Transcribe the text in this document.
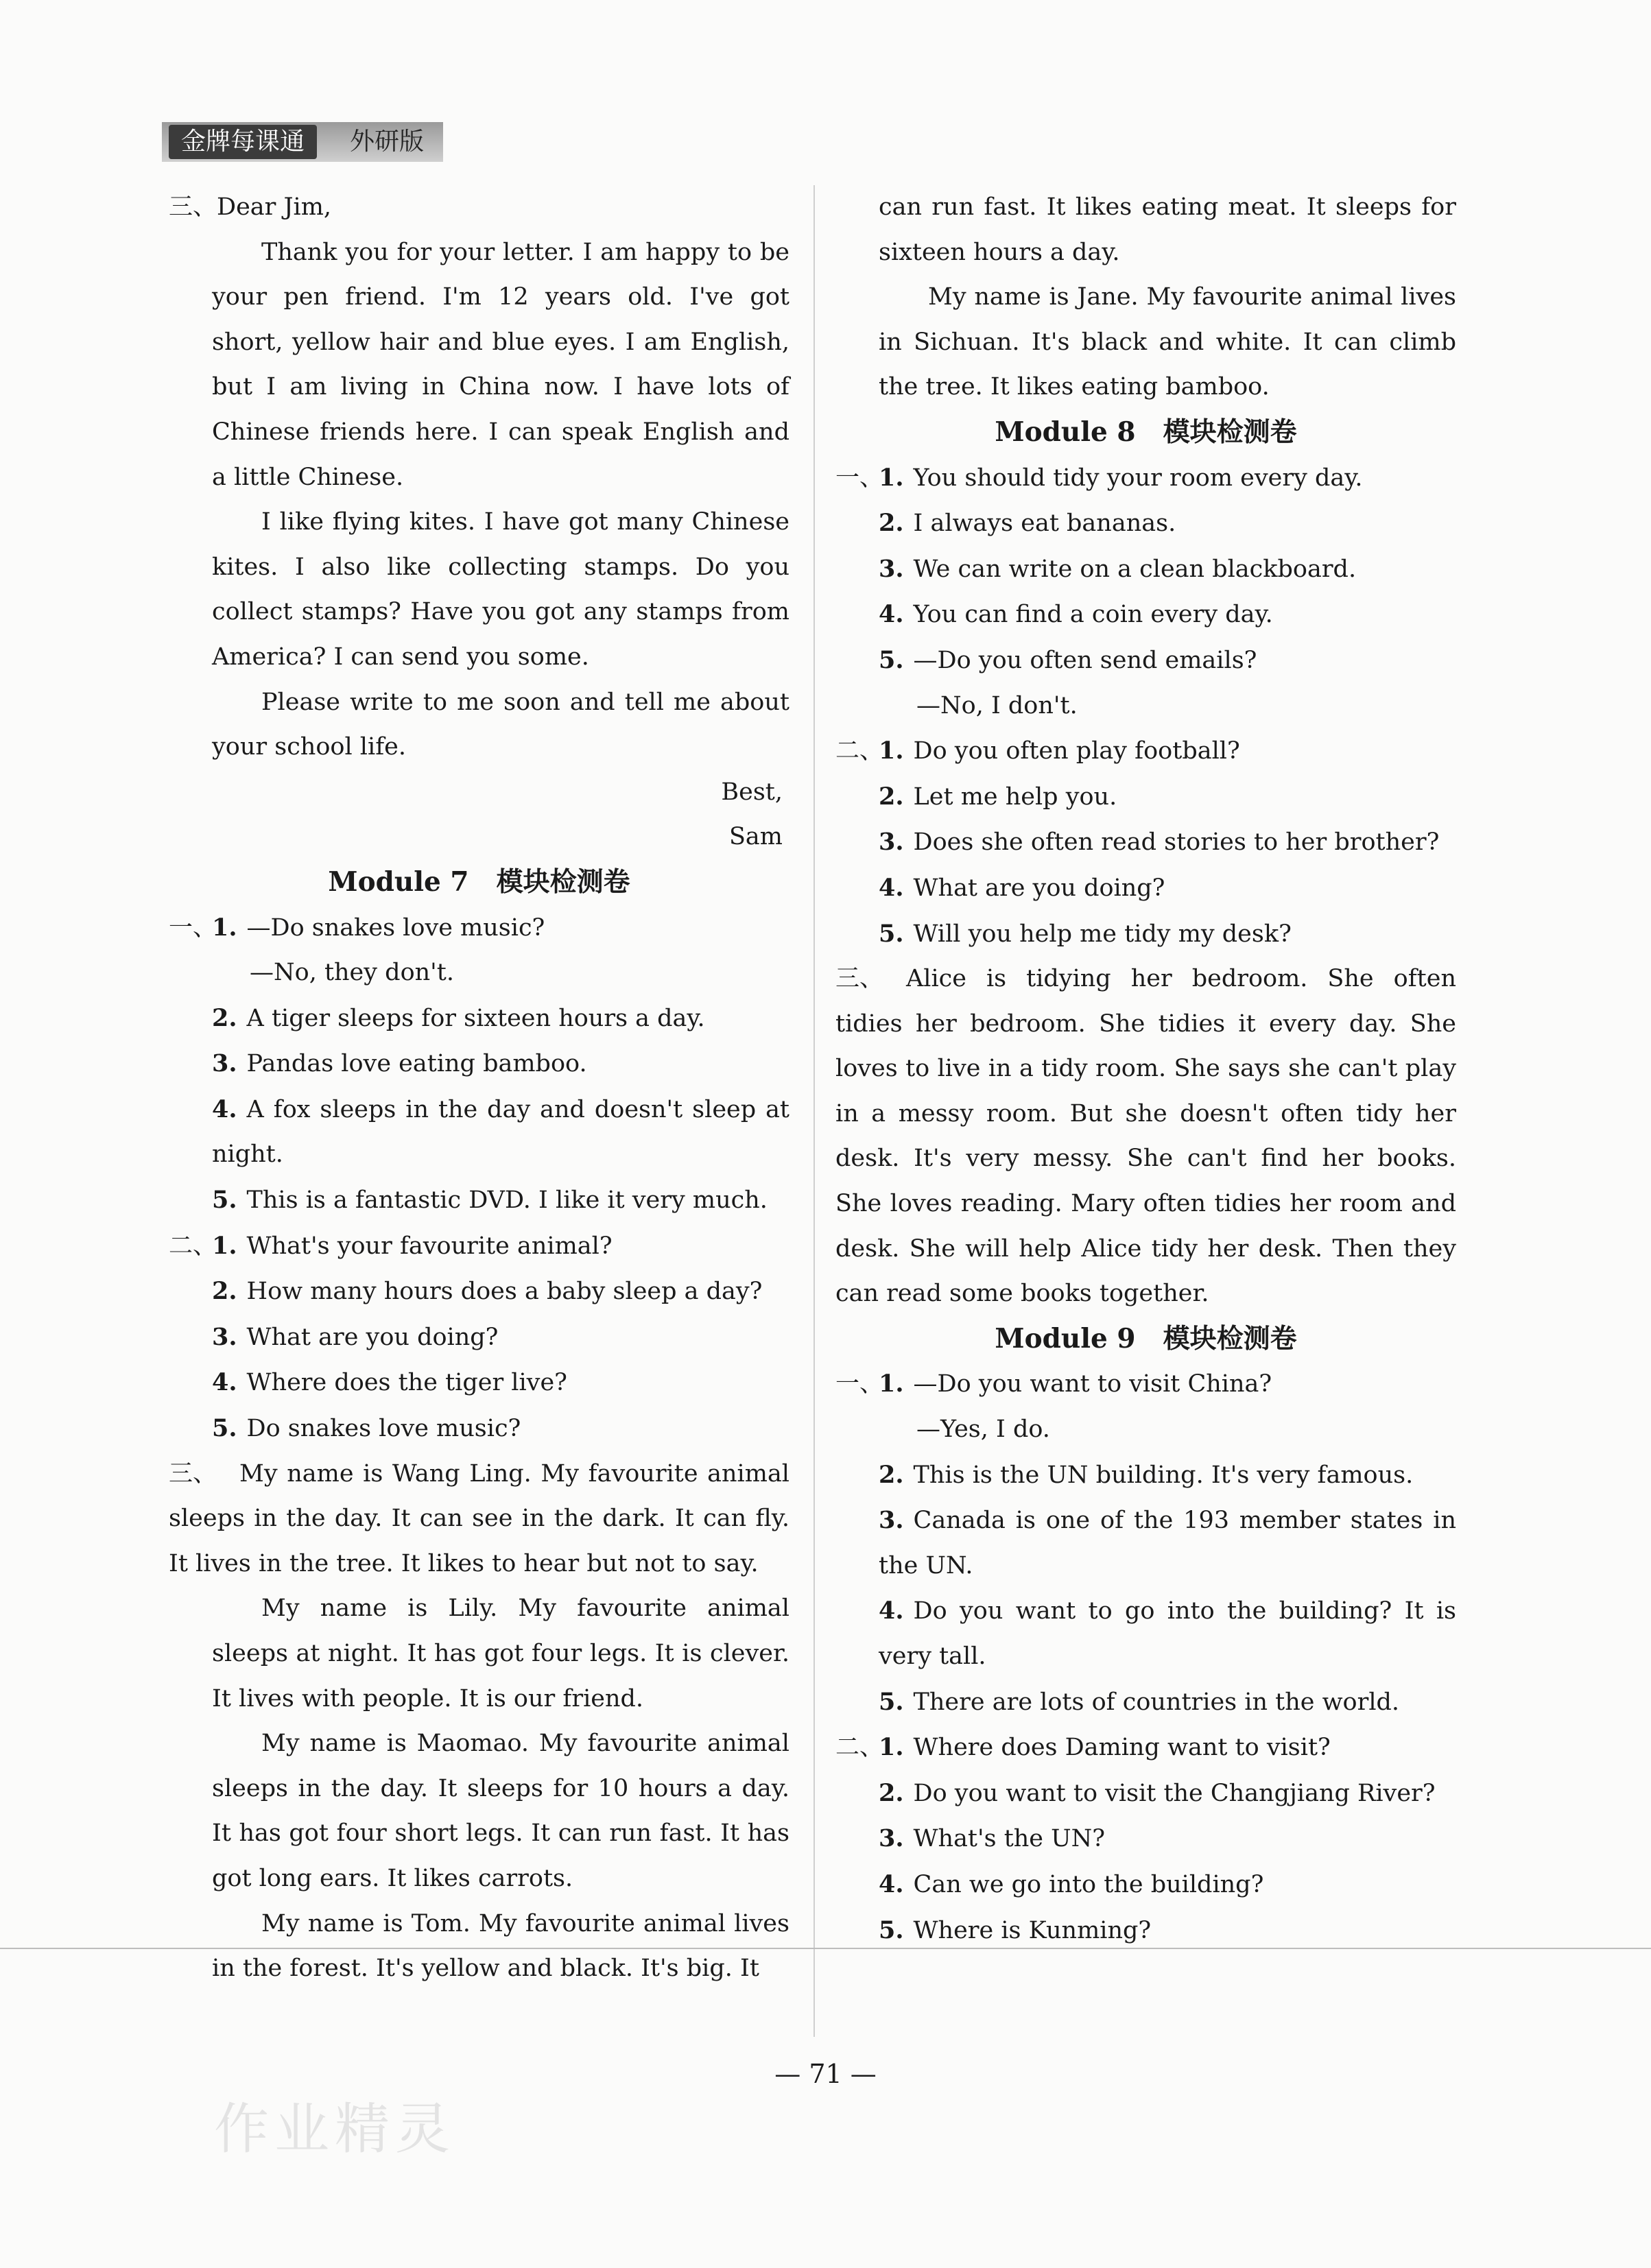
金牌每课通	外研版

三、Dear Jim,

Thank you for your letter. I am happy to be your pen friend. I'm 12 years old. I've got short, yellow hair and blue eyes. I am English, but I am living in China now. I have lots of Chinese friends here. I can speak English and a little Chinese.

I like flying kites. I have got many Chinese kites. I also like collecting stamps. Do you collect stamps? Have you got any stamps from America? I can send you some.

Please write to me soon and tell me about your school life.

Best,

Sam

Module 7 模块检测卷

一、1. —Do snakes love music?

—No, they don't.

2. A tiger sleeps for sixteen hours a day.

3. Pandas love eating bamboo.

4. A fox sleeps in the day and doesn't sleep at night.

5. This is a fantastic DVD. I like it very much.

二、1. What's your favourite animal?

2. How many hours does a baby sleep a day?

3. What are you doing?

4. Where does the tiger live?

5. Do snakes love music?

三、 My name is Wang Ling. My favourite animal sleeps in the day. It can see in the dark. It can fly. It lives in the tree. It likes to hear but not to say.

My name is Lily. My favourite animal sleeps at night. It has got four legs. It is clever. It lives with people. It is our friend.

My name is Maomao. My favourite animal sleeps in the day. It sleeps for 10 hours a day. It has got four short legs. It can run fast. It has got long ears. It likes carrots.

My name is Tom. My favourite animal lives in the forest. It's yellow and black. It's big. It

can run fast. It likes eating meat. It sleeps for sixteen hours a day.

My name is Jane. My favourite animal lives in Sichuan. It's black and white. It can climb the tree. It likes eating bamboo.

Module 8 模块检测卷

一、1. You should tidy your room every day.

2. I always eat bananas.

3. We can write on a clean blackboard.

4. You can find a coin every day.

5. —Do you often send emails?

—No, I don't.

二、1. Do you often play football?

2. Let me help you.

3. Does she often read stories to her brother?

4. What are you doing?

5. Will you help me tidy my desk?

三、 Alice is tidying her bedroom. She often tidies her bedroom. She tidies it every day. She loves to live in a tidy room. She says she can't play in a messy room. But she doesn't often tidy her desk. It's very messy. She can't find her books. She loves reading. Mary often tidies her room and desk. She will help Alice tidy her desk. Then they can read some books together.

Module 9 模块检测卷

一、1. —Do you want to visit China?

—Yes, I do.

2. This is the UN building. It's very famous.

3. Canada is one of the 193 member states in the UN.

4. Do you want to go into the building? It is very tall.

5. There are lots of countries in the world.

二、1. Where does Daming want to visit?

2. Do you want to visit the Changjiang River?

3. What's the UN?

4. Can we go into the building?

5. Where is Kunming?

— 71 —
作业精灵
